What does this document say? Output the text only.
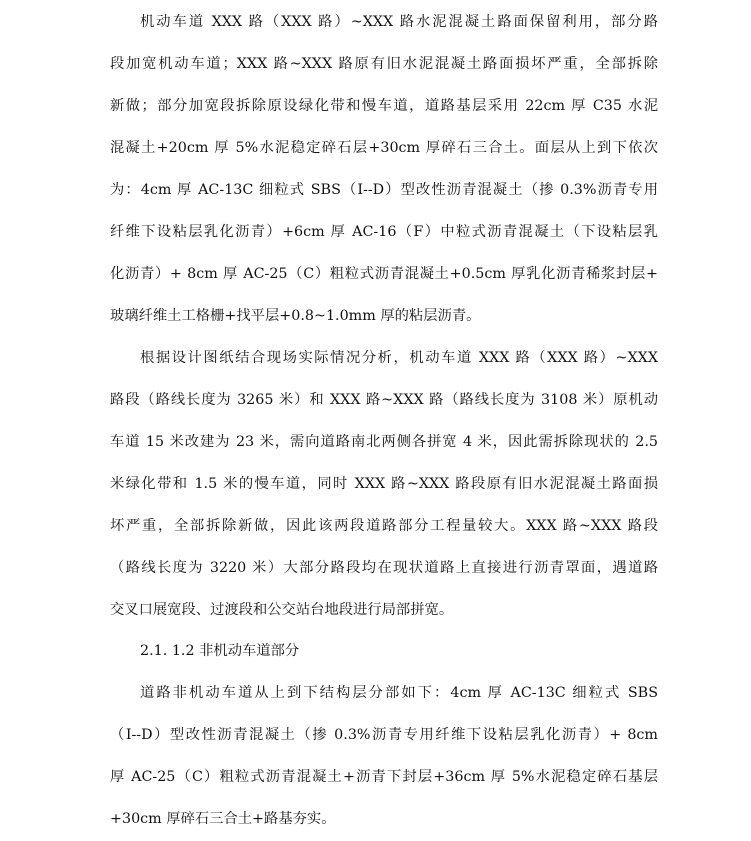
机动车道 XXX 路（XXX 路）~XXX 路水泥混凝土路面保留利用，部分路
段加宽机动车道；XXX 路~XXX 路原有旧水泥混凝土路面损坏严重，全部拆除
新做；部分加宽段拆除原设绿化带和慢车道，道路基层采用 22cm 厚 C35 水泥
混凝土+20cm 厚 5%水泥稳定碎石层+30cm 厚碎石三合土。面层从上到下依次
为：4cm 厚 AC-13C 细粒式 SBS（I--D）型改性沥青混凝土（掺 0.3%沥青专用
纤维下设粘层乳化沥青）+6cm 厚 AC-16（F）中粒式沥青混凝土（下设粘层乳
化沥青）+ 8cm 厚 AC-25（C）粗粒式沥青混凝土+0.5cm 厚乳化沥青稀浆封层+
玻璃纤维土工格栅+找平层+0.8~1.0mm 厚的粘层沥青。
根据设计图纸结合现场实际情况分析，机动车道 XXX 路（XXX 路）~XXX
路段（路线长度为 3265 米）和 XXX 路~XXX 路（路线长度为 3108 米）原机动
车道 15 米改建为 23 米，需向道路南北两侧各拼宽 4 米，因此需拆除现状的 2.5
米绿化带和 1.5 米的慢车道，同时 XXX 路~XXX 路段原有旧水泥混凝土路面损
坏严重，全部拆除新做，因此该两段道路部分工程量较大。XXX 路~XXX 路段
（路线长度为 3220 米）大部分路段均在现状道路上直接进行沥青罩面，遇道路
交叉口展宽段、过渡段和公交站台地段进行局部拼宽。
2.1. 1.2 非机动车道部分
道路非机动车道从上到下结构层分部如下：4cm 厚 AC-13C 细粒式 SBS
（I--D）型改性沥青混凝土（掺 0.3%沥青专用纤维下设粘层乳化沥青）+ 8cm
厚 AC-25（C）粗粒式沥青混凝土+沥青下封层+36cm 厚 5%水泥稳定碎石基层
+30cm 厚碎石三合土+路基夯实。
